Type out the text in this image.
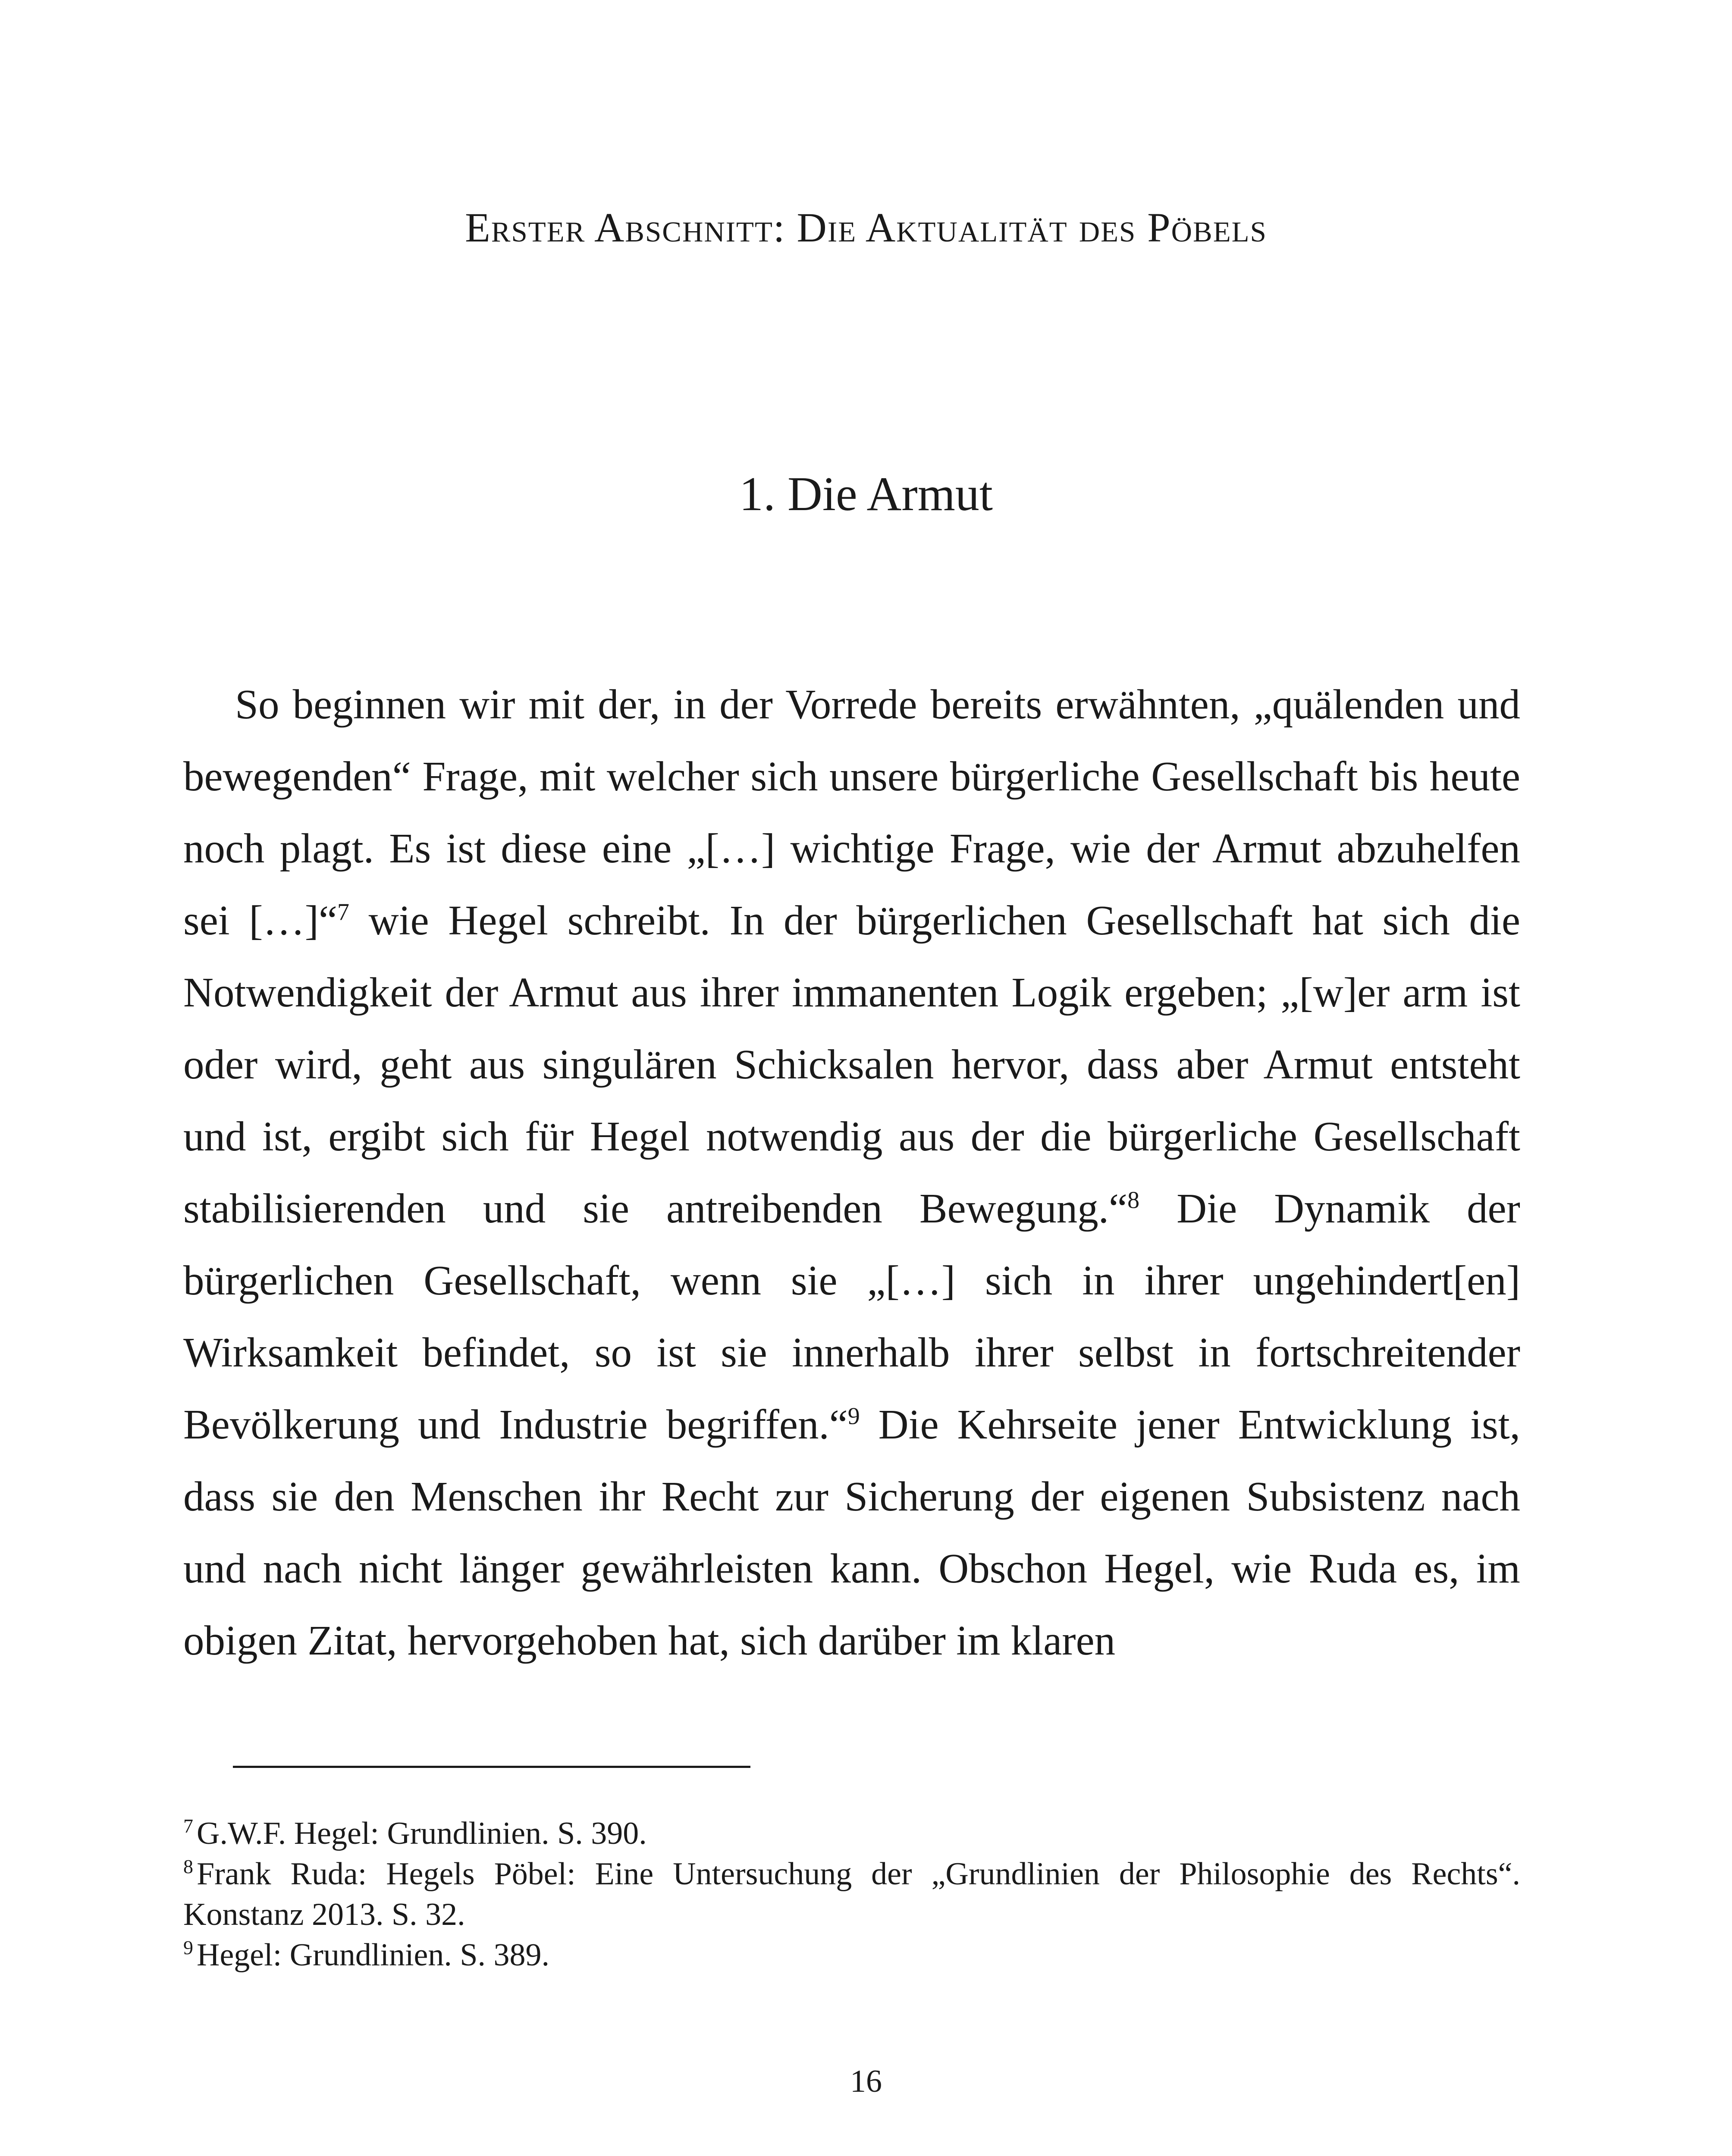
Erster Abschnitt: Die Aktualität des Pöbels
1. Die Armut

So beginnen wir mit der, in der Vorrede bereits erwähnten, „quälenden und bewegenden“ Frage, mit welcher sich unsere bürgerliche Gesellschaft bis heute noch plagt. Es ist diese eine „[…] wichtige Frage, wie der Armut abzuhelfen sei […]“$^7$ wie Hegel schreibt. In der bürgerlichen Gesellschaft hat sich die Notwendigkeit der Armut aus ihrer immanenten Logik ergeben; „[w]er arm ist oder wird, geht aus singulären Schicksalen hervor, dass aber Armut entsteht und ist, ergibt sich für Hegel notwendig aus der die bürgerliche Gesellschaft stabilisierenden und sie antreibenden Bewegung.“$^8$ Die Dynamik der bürgerlichen Gesellschaft, wenn sie „[…] sich in ihrer ungehindert[en] Wirksamkeit befindet, so ist sie innerhalb ihrer selbst in fortschreitender Bevölkerung und Industrie begriffen.“$^9$ Die Kehrseite jener Entwicklung ist, dass sie den Menschen ihr Recht zur Sicherung der eigenen Subsistenz nach und nach nicht länger gewährleisten kann. Obschon Hegel, wie Ruda es, im obigen Zitat, hervorgehoben hat, sich darüber im klaren

$^7$ G.W.F. Hegel: Grundlinien. S. 390.

$^8$ Frank Ruda: Hegels Pöbel: Eine Untersuchung der „Grundlinien der Philosophie des Rechts“. Konstanz 2013. S. 32.

$^9$ Hegel: Grundlinien. S. 389.

16
